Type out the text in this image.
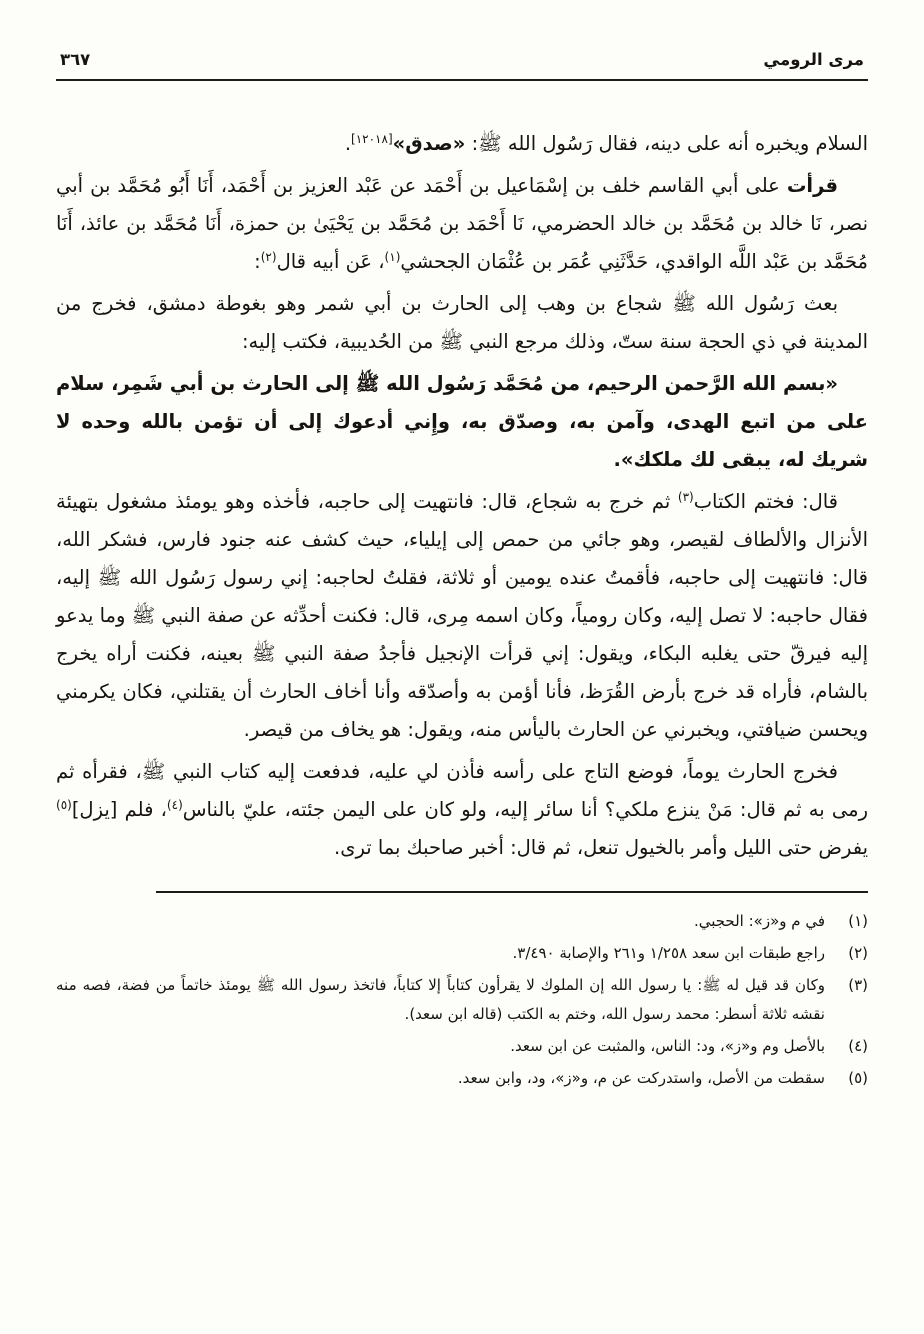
مرى الرومي
٣٦٧

السلام ويخبره أنه على دينه، فقال رَسُول الله ﷺ: «صدق»[١٢٠١٨].

قرأت على أبي القاسم خلف بن إسْمَاعيل بن أَحْمَد عن عَبْد العزيز بن أَحْمَد، أَنَا أَبُو مُحَمَّد بن أبي نصر، نَا خالد بن مُحَمَّد بن خالد الحضرمي، نَا أَحْمَد بن مُحَمَّد بن يَحْيَىٰ بن حمزة، أَنَا مُحَمَّد بن عائذ، أَنَا مُحَمَّد بن عَبْد اللَّه الواقدي، حَدَّثَنِي عُمَر بن عُثْمَان الجحشي$^{(١)}$، عَن أبيه قال$^{(٢)}$:

بعث رَسُول الله ﷺ شجاع بن وهب إلى الحارث بن أبي شمر وهو بغوطة دمشق، فخرج من المدينة في ذي الحجة سنة ستّ، وذلك مرجع النبي ﷺ من الحُديبية، فكتب إليه:

«بسم الله الرَّحمن الرحيم، من مُحَمَّد رَسُول الله ﷺ إلى الحارث بن أبي شَمِر، سلام على من اتبع الهدى، وآمن به، وصدّق به، وإِني أدعوك إلى أن تؤمن بالله وحده لا شريك له، يبقى لك ملكك».

قال: فختم الكتاب$^{(٣)}$ ثم خرج به شجاع، قال: فانتهيت إلى حاجبه، فأخذه وهو يومئذ مشغول بتهيئة الأنزال والألطاف لقيصر، وهو جائي من حمص إلى إيلياء، حيث كشف عنه جنود فارس، فشكر الله، قال: فانتهيت إلى حاجبه، فأقمتُ عنده يومين أو ثلاثة، فقلتُ لحاجبه: إني رسول رَسُول الله ﷺ إليه، فقال حاجبه: لا تصل إليه، وكان رومياً، وكان اسمه مِرى، قال: فكنت أحدِّثه عن صفة النبي ﷺ وما يدعو إليه فيرقّ حتى يغلبه البكاء، ويقول: إني قرأت الإنجيل فأجدُ صفة النبي ﷺ بعينه، فكنت أراه يخرج بالشام، فأراه قد خرج بأرض القُرَظ، فأنا أؤمن به وأصدّقه وأنا أخاف الحارث أن يقتلني، فكان يكرمني ويحسن ضيافتي، ويخبرني عن الحارث باليأس منه، ويقول: هو يخاف من قيصر.

فخرج الحارث يوماً، فوضع التاج على رأسه فأذن لي عليه، فدفعت إليه كتاب النبي ﷺ، فقرأه ثم رمى به ثم قال: مَنْ ينزع ملكي؟ أنا سائر إليه، ولو كان على اليمن جئته، عليّ بالناس$^{(٤)}$، فلم [يزل]$^{(٥)}$ يفرض حتى الليل وأمر بالخيول تنعل، ثم قال: أخبر صاحبك بما ترى.

(١)
في م و«ز»: الحجبي.
(٢)
راجع طبقات ابن سعد ١/٢٥٨ و٢٦١ والإصابة ٣/٤٩٠.
(٣)
وكان قد قيل له ﷺ: يا رسول الله إن الملوك لا يقرأون كتاباً إلا كتاباً، فاتخذ رسول الله ﷺ يومئذ خاتماً من فضة، فصه منه نقشه ثلاثة أسطر: محمد رسول الله، وختم به الكتب (قاله ابن سعد).
(٤)
بالأصل وم و«ز»، ود: الناس، والمثبت عن ابن سعد.
(٥)
سقطت من الأصل، واستدركت عن م، و«ز»، ود، وابن سعد.
